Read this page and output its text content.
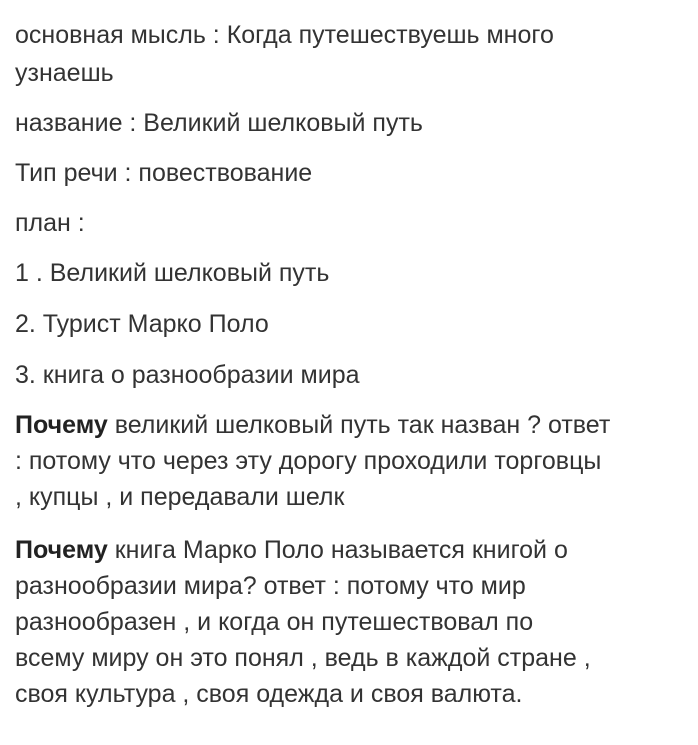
основная мысль : Когда путешествуешь много
узнаешь
название : Великий шелковый путь
Тип речи : повествование
план :
1 . Великий шелковый путь
2. Турист Марко Поло
3. книга о разнообразии мира
Почему великий шелковый путь так назван ? ответ
: потому что через эту дорогу проходили торговцы
, купцы , и передавали шелк
Почему книга Марко Поло называется книгой о
разнообразии мира? ответ : потому что мир
разнообразен , и когда он путешествовал по
всему миру он это понял , ведь в каждой стране ,
своя культура , своя одежда и своя валюта.
